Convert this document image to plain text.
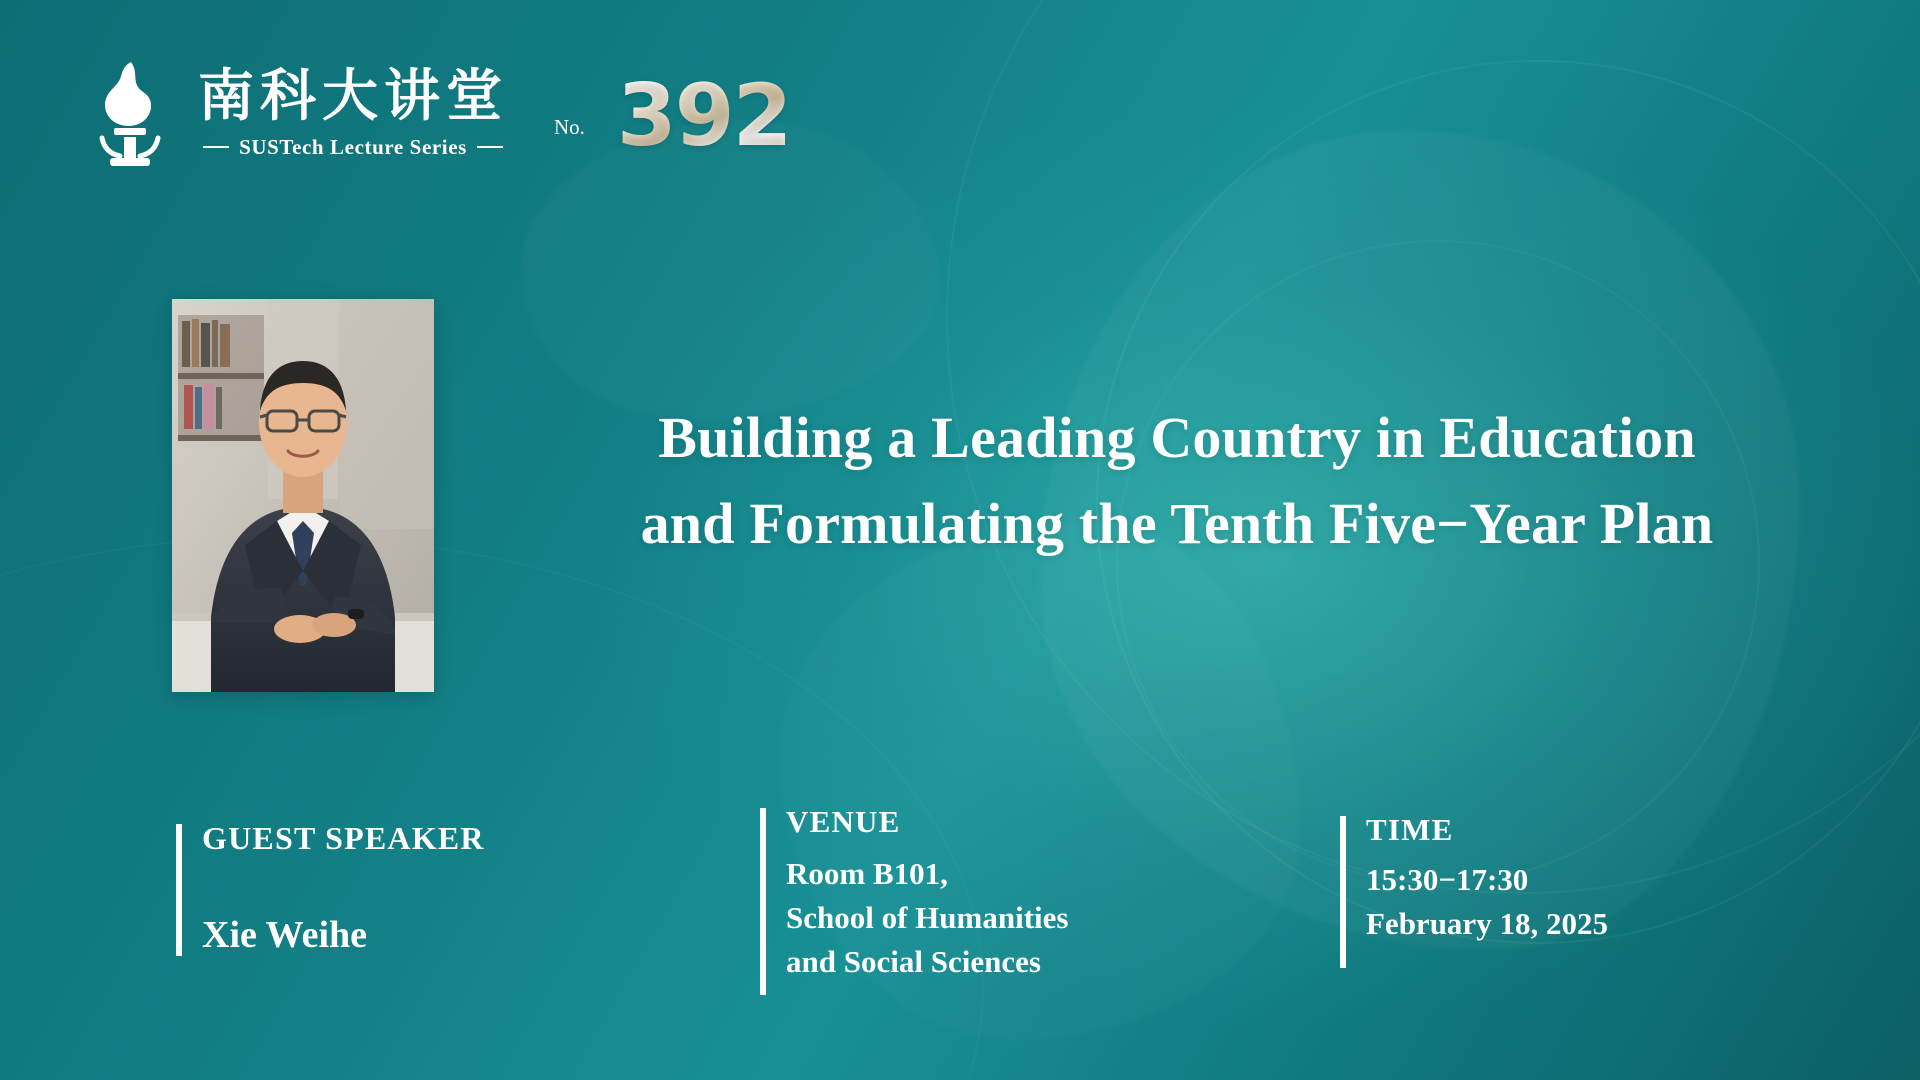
南科大讲堂
SUSTech Lecture Series
No. 392
Building a Leading Country in Education
and Formulating the Tenth Five−Year Plan
GUEST SPEAKER
Xie Weihe
VENUE
Room B101,
School of Humanities
and Social Sciences
TIME
15:30−17:30
February 18, 2025
